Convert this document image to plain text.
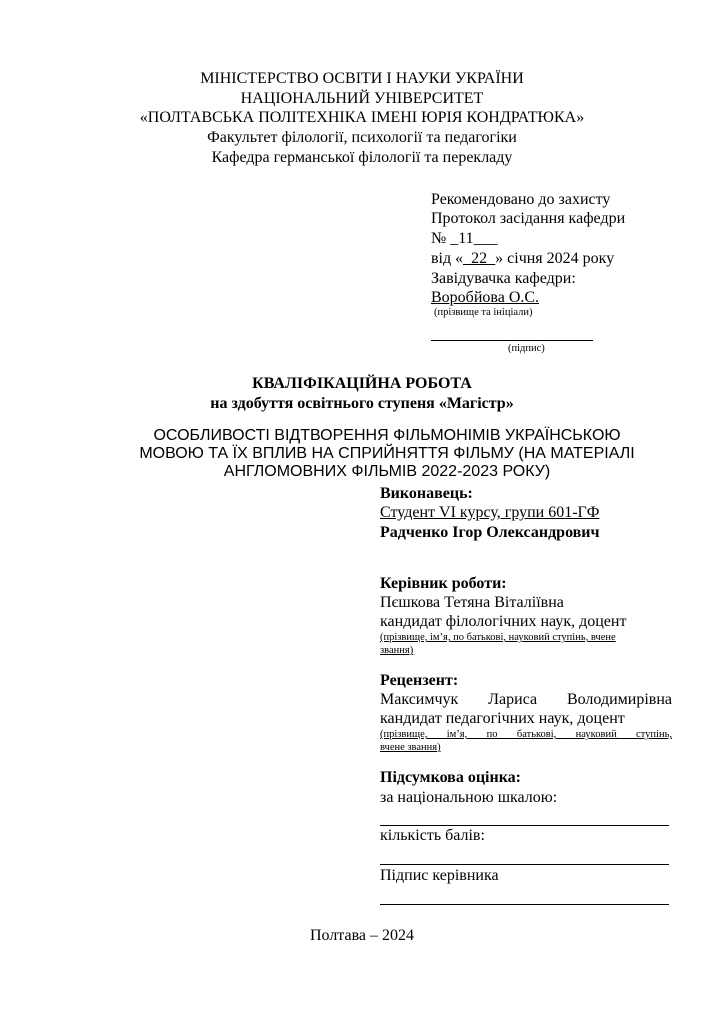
МІНІСТЕРСТВО ОСВІТИ І НАУКИ УКРАЇНИ
НАЦІОНАЛЬНИЙ УНІВЕРСИТЕТ
«ПОЛТАВСЬКА ПОЛІТЕХНІКА ІМЕНІ ЮРІЯ КОНДРАТЮКА»
Факультет філології, психології та педагогіки
Кафедра германської філології та перекладу
Рекомендовано до захисту
Протокол засідання кафедри
№ _11___
від «_22_» січня 2024 року
Завідувачка кафедри:
Воробйова О.С.
(прізвище та ініціали)
(підпис)
КВАЛІФІКАЦІЙНА РОБОТА
на здобуття освітнього ступеня «Магістр»
ОСОБЛИВОСТІ ВІДТВОРЕННЯ ФІЛЬМОНІМІВ УКРАЇНСЬКОЮ
МОВОЮ ТА ЇХ ВПЛИВ НА СПРИЙНЯТТЯ ФІЛЬМУ (НА МАТЕРІАЛІ
АНГЛОМОВНИХ ФІЛЬМІВ 2022-2023 РОКУ)
Виконавець:
Студент VI курсу, групи 601-ГФ
Радченко Ігор Олександрович
Керівник роботи:
Пєшкова Тетяна Віталіївна
кандидат філологічних наук, доцент
(прізвище, ім’я, по батькові, науковий ступінь, вчене
звання)
Рецензент:
Максимчук Лариса Володимирівна
кандидат педагогічних наук, доцент
(прізвище, ім’я, по батькові, науковий ступінь,
вчене звання)
Підсумкова оцінка:
за національною шкалою:
кількість балів:
Підпис керівника
Полтава – 2024
